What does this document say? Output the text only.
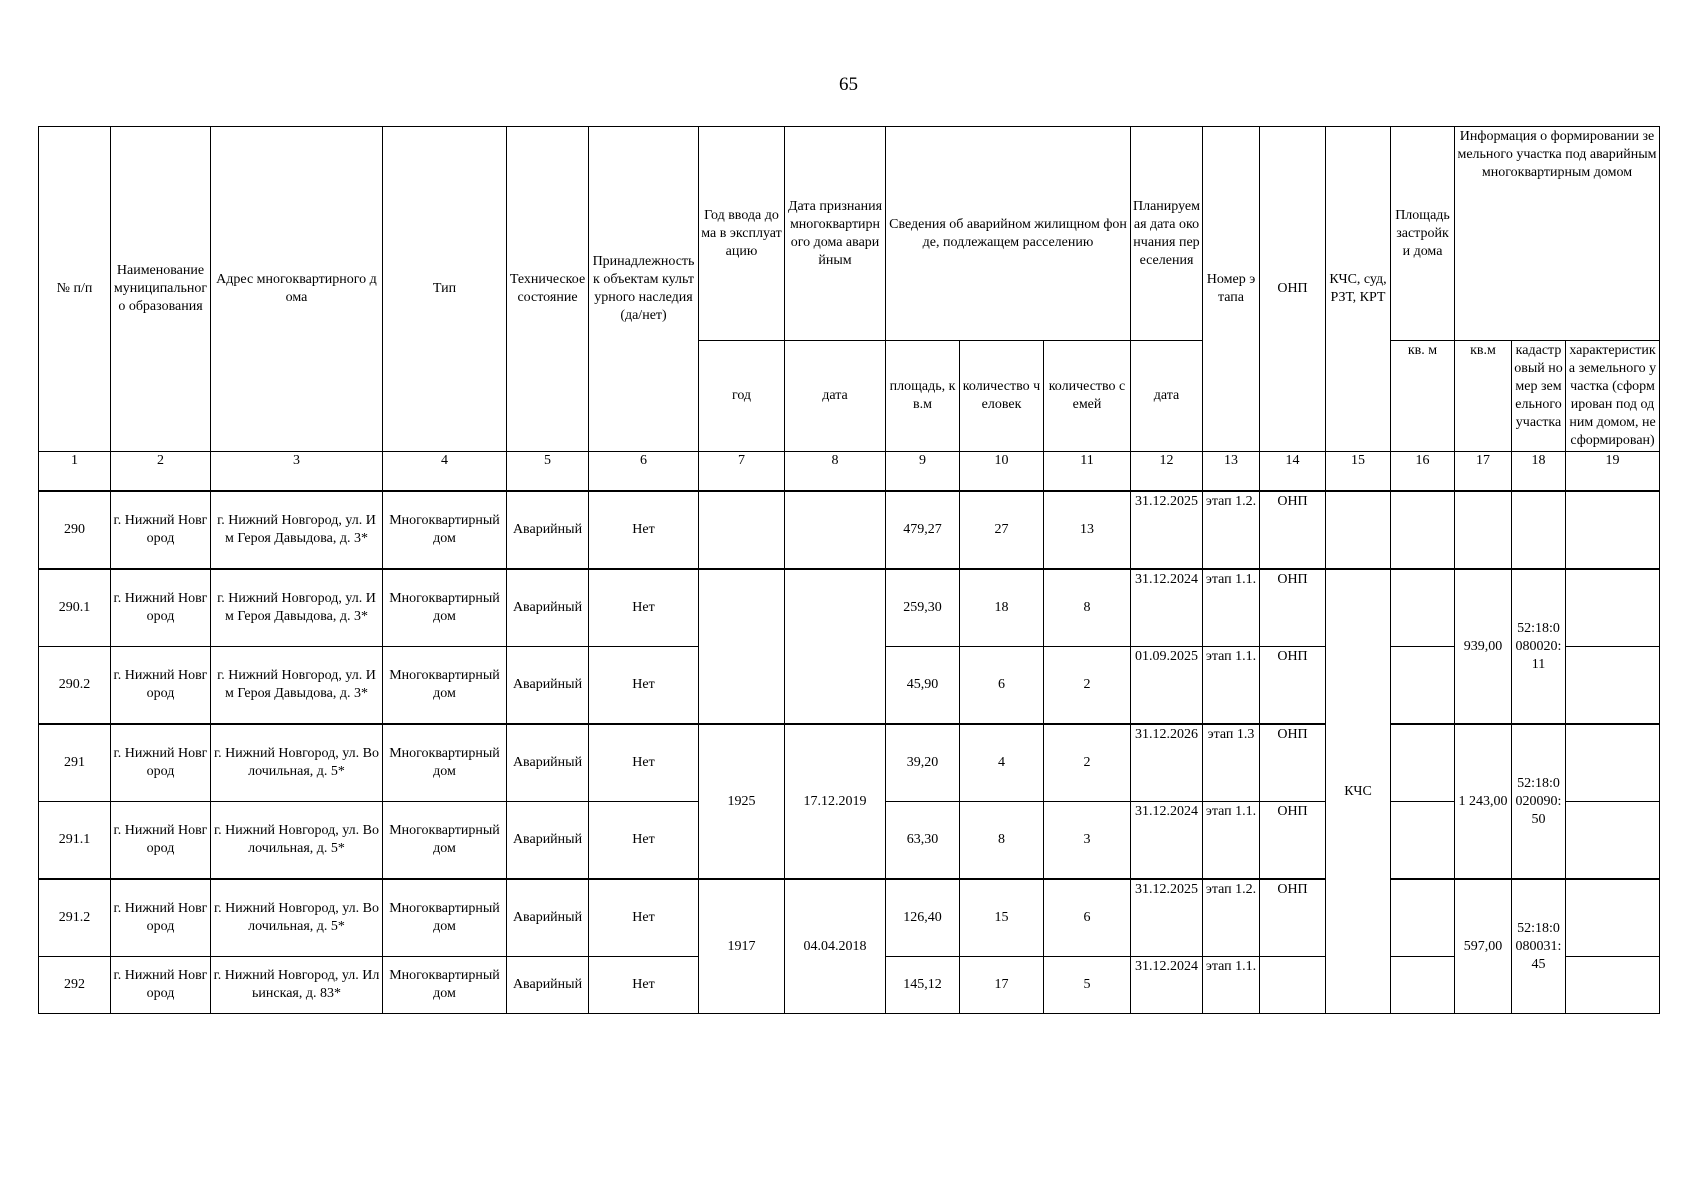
65
№ п/п	Наименование муниципального образования	Адрес многоквартирного дома	Тип	Техническое состояние	Принадлежность к объектам культурного наследия (да/нет)	Год ввода дома в эксплуатацию	Дата признания многоквартирного дома аварийным	Сведения об аварийном жилищном фонде, подлежащем расселению			Планируемая дата окончания переселения	Номер этапа	ОНП	КЧС, суд, РЗТ, КРТ	Площадь застройки дома	Информация о формировании земельного участка под аварийным многоквартирным домом			
						год	дата	площадь, кв.м	количество человек	количество семей	дата				кв. м	кв.м	кадастровый номер земельного участка	характеристика земельного участка (сформирован под одним домом, не сформирован)	
1	2	3	4	5	6	7	8	9	10	11	12	13	14	15	16	17	18	19	
290	г. Нижний Новгород	г. Нижний Новгород, ул. Им Героя Давыдова, д. 3*	Многоквартирный дом	Аварийный	Нет			479,27	27	13	31.12.2025	этап 1.2.	ОНП						
290.1	г. Нижний Новгород	г. Нижний Новгород, ул. Им Героя Давыдова, д. 3*	Многоквартирный дом	Аварийный	Нет			259,30	18	8	31.12.2024	этап 1.1.	ОНП	КЧС		939,00	52:18:0080020:11		
290.2	г. Нижний Новгород	г. Нижний Новгород, ул. Им Героя Давыдова, д. 3*	Многоквартирный дом	Аварийный	Нет			45,90	6	2	01.09.2025	этап 1.1.	ОНП						
291	г. Нижний Новгород	г. Нижний Новгород, ул. Волочильная, д. 5*	Многоквартирный дом	Аварийный	Нет	1925	17.12.2019	39,20	4	2	31.12.2026	этап 1.3	ОНП			1 243,00	52:18:0020090:50		
291.1	г. Нижний Новгород	г. Нижний Новгород, ул. Волочильная, д. 5*	Многоквартирный дом	Аварийный	Нет			63,30	8	3	31.12.2024	этап 1.1.	ОНП						
291.2	г. Нижний Новгород	г. Нижний Новгород, ул. Волочильная, д. 5*	Многоквартирный дом	Аварийный	Нет	1917	04.04.2018	126,40	15	6	31.12.2025	этап 1.2.	ОНП			597,00	52:18:0080031:45		
292	г. Нижний Новгород	г. Нижний Новгород, ул. Ильинская, д. 83*	Многоквартирный дом	Аварийный	Нет			145,12	17	5	31.12.2024	этап 1.1.							
